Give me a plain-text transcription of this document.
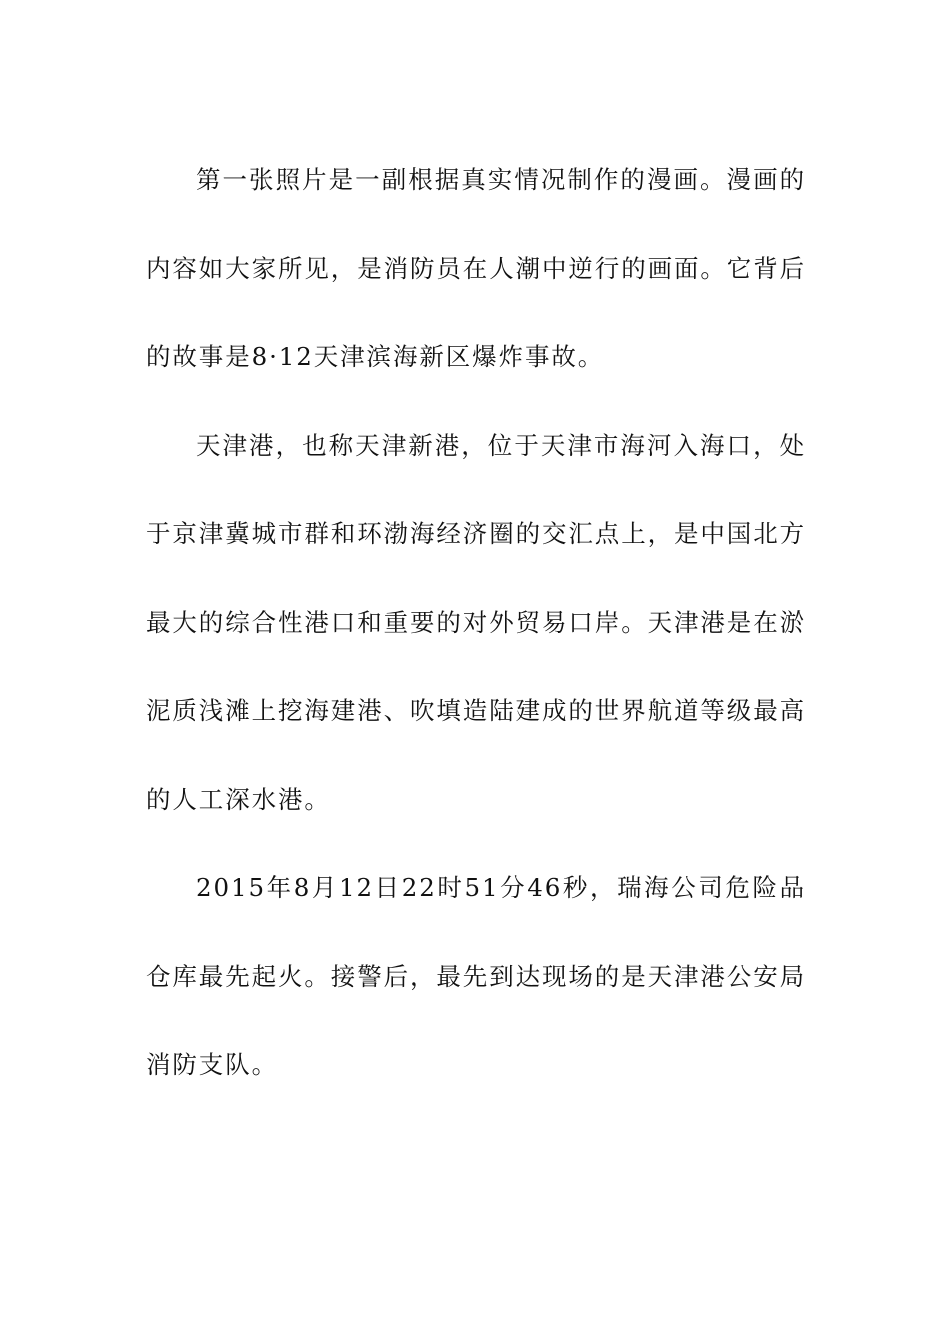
第一张照片是一副根据真实情况制作的漫画。漫画的内容如大家所见，是消防员在人潮中逆行的画面。它背后的故事是8·12天津滨海新区爆炸事故。

天津港，也称天津新港，位于天津市海河入海口，处于京津冀城市群和环渤海经济圈的交汇点上，是中国北方最大的综合性港口和重要的对外贸易口岸。天津港是在淤泥质浅滩上挖海建港、吹填造陆建成的世界航道等级最高的人工深水港。

2015年8月12日22时51分46秒，瑞海公司危险品仓库最先起火。接警后，最先到达现场的是天津港公安局消防支队。
